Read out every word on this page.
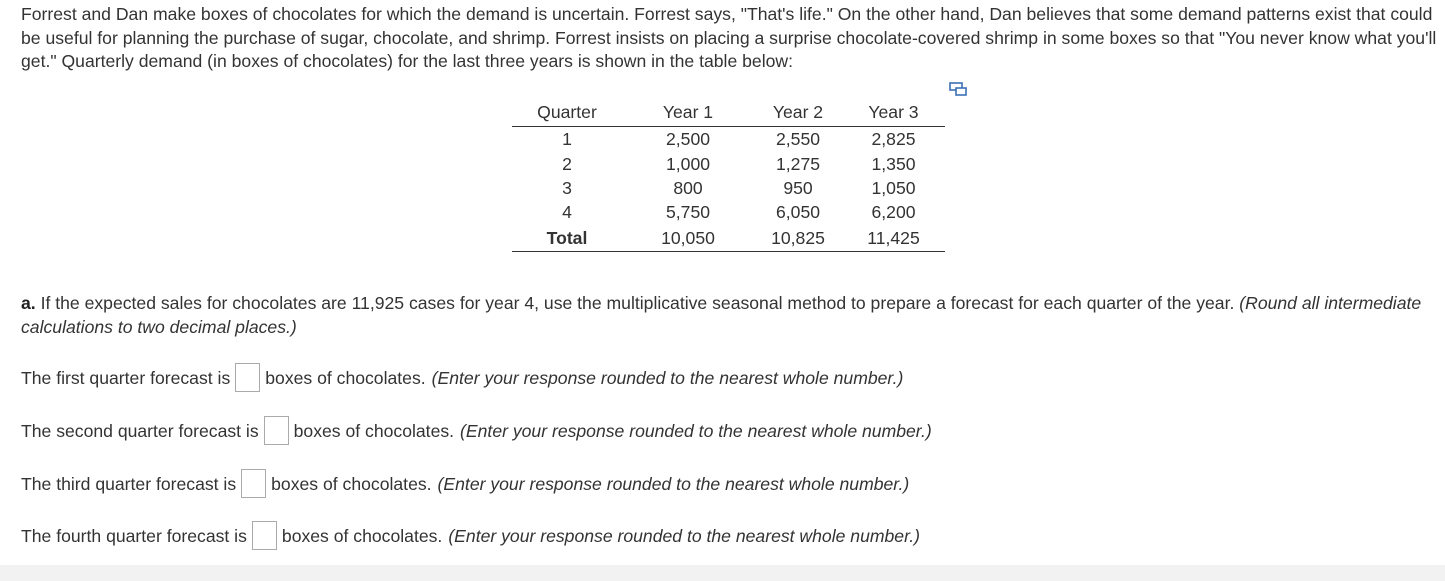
Forrest and Dan make boxes of chocolates for which the demand is uncertain. Forrest says, "That's life." On the other hand, Dan believes that some demand patterns exist that could be useful for planning the purchase of sugar, chocolate, and shrimp. Forrest insists on placing a surprise chocolate-covered shrimp in some boxes so that "You never know what you'll get." Quarterly demand (in boxes of chocolates) for the last three years is shown in the table below:

Quarter	Year 1	Year 2	Year 3
1	2,500	2,550	2,825
2	1,000	1,275	1,350
3	800	950	1,050
4	5,750	6,050	6,200
Total	10,050	10,825	11,425

a. If the expected sales for chocolates are 11,925 cases for year 4, use the multiplicative seasonal method to prepare a forecast for each quarter of the year. (Round all intermediate calculations to two decimal places.)

The first quarter forecast is boxes of chocolates. (Enter your response rounded to the nearest whole number.)
The second quarter forecast is boxes of chocolates. (Enter your response rounded to the nearest whole number.)
The third quarter forecast is boxes of chocolates. (Enter your response rounded to the nearest whole number.)
The fourth quarter forecast is boxes of chocolates. (Enter your response rounded to the nearest whole number.)
